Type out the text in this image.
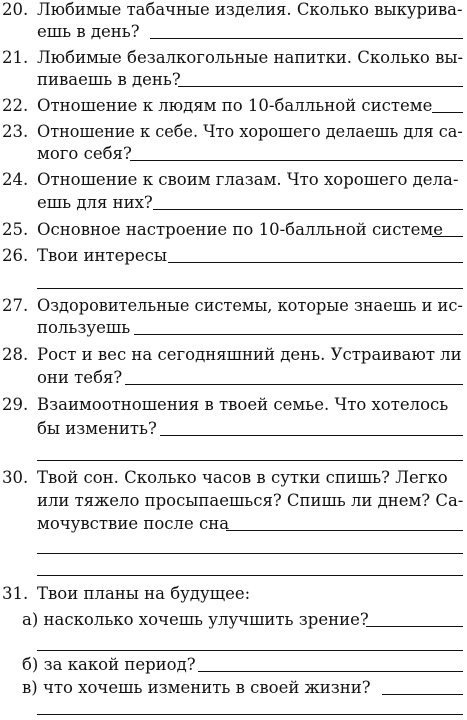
20. Любимые табачные изделия. Сколько выкурива-
ешь в день?
21. Любимые безалкогольные напитки. Сколько вы-
пиваешь в день?
22. Отношение к людям по 10-балльной системе
23. Отношение к себе. Что хорошего делаешь для са-
мого себя?
24. Отношение к своим глазам. Что хорошего дела-
ешь для них?
25. Основное настроение по 10-балльной системе
26. Твои интересы
27. Оздоровительные системы, которые знаешь и ис-
пользуешь
28. Рост и вес на сегодняшний день. Устраивают ли
они тебя?
29. Взаимоотношения в твоей семье. Что хотелось
бы изменить?
30. Твой сон. Сколько часов в сутки спишь? Легко
или тяжело просыпаешься? Спишь ли днем? Са-
мочувствие после сна
31. Твои планы на будущее:
а) насколько хочешь улучшить зрение?
б) за какой период?
в) что хочешь изменить в своей жизни?
